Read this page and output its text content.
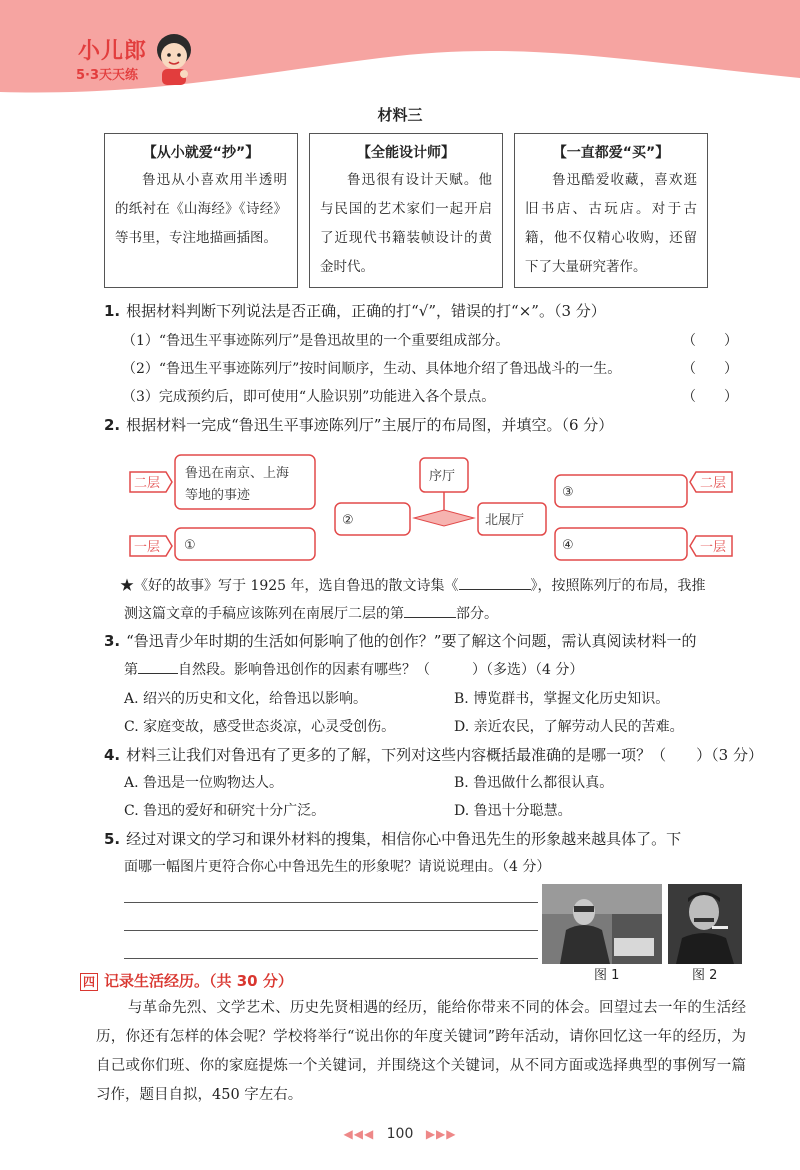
小儿郎
5·3天天练
材料三
【从小就爱“抄”】
鲁迅从小喜欢用半透明的纸衬在《山海经》《诗经》等书里，专注地描画插图。
【全能设计师】
鲁迅很有设计天赋。他与民国的艺术家们一起开启了近现代书籍装帧设计的黄金时代。
【一直都爱“买”】
鲁迅酷爱收藏，喜欢逛旧书店、古玩店。对于古籍，他不仅精心收购，还留下了大量研究著作。
1. 根据材料判断下列说法是否正确，正确的打“√”，错误的打“×”。（3 分）
（1）“鲁迅生平事迹陈列厅”是鲁迅故里的一个重要组成部分。	（　　）
（2）“鲁迅生平事迹陈列厅”按时间顺序，生动、具体地介绍了鲁迅战斗的一生。	（　　）
（3）完成预约后，即可使用“人脸识别”功能进入各个景点。	（　　）
2. 根据材料一完成“鲁迅生平事迹陈列厅”主展厅的布局图，并填空。（6 分）
二层
一层
鲁迅在南京、上海
等地的事迹
①
②
序厅
北展厅
③
④
二层
一层
★《好的故事》写于 1925 年，选自鲁迅的散文诗集《	》，按照陈列厅的布局，我推
测这篇文章的手稿应该陈列在南展厅二层的第	部分。
3. “鲁迅青少年时期的生活如何影响了他的创作？”要了解这个问题，需认真阅读材料一的
第	自然段。影响鲁迅创作的因素有哪些？（　　　）（多选）（4 分）
A. 绍兴的历史和文化，给鲁迅以影响。	B. 博览群书，掌握文化历史知识。
C. 家庭变故，感受世态炎凉，心灵受创伤。	D. 亲近农民，了解劳动人民的苦难。
4. 材料三让我们对鲁迅有了更多的了解，下列对这些内容概括最准确的是哪一项？（　　）（3 分）
A. 鲁迅是一位购物达人。	B. 鲁迅做什么都很认真。
C. 鲁迅的爱好和研究十分广泛。	D. 鲁迅十分聪慧。
5. 经过对课文的学习和课外材料的搜集，相信你心中鲁迅先生的形象越来越具体了。下
面哪一幅图片更符合你心中鲁迅先生的形象呢？请说说理由。（4 分）
图 1	图 2
四 记录生活经历。（共 30 分）
与革命先烈、文学艺术、历史先贤相遇的经历，能给你带来不同的体会。回望过去一年的生活经历，你还有怎样的体会呢？学校将举行“说出你的年度关键词”跨年活动，请你回忆这一年的经历，为自己或你们班、你的家庭提炼一个关键词，并围绕这个关键词，从不同方面或选择典型的事例写一篇习作，题目自拟，450 字左右。
◀◀◀ 100 ▶▶▶
